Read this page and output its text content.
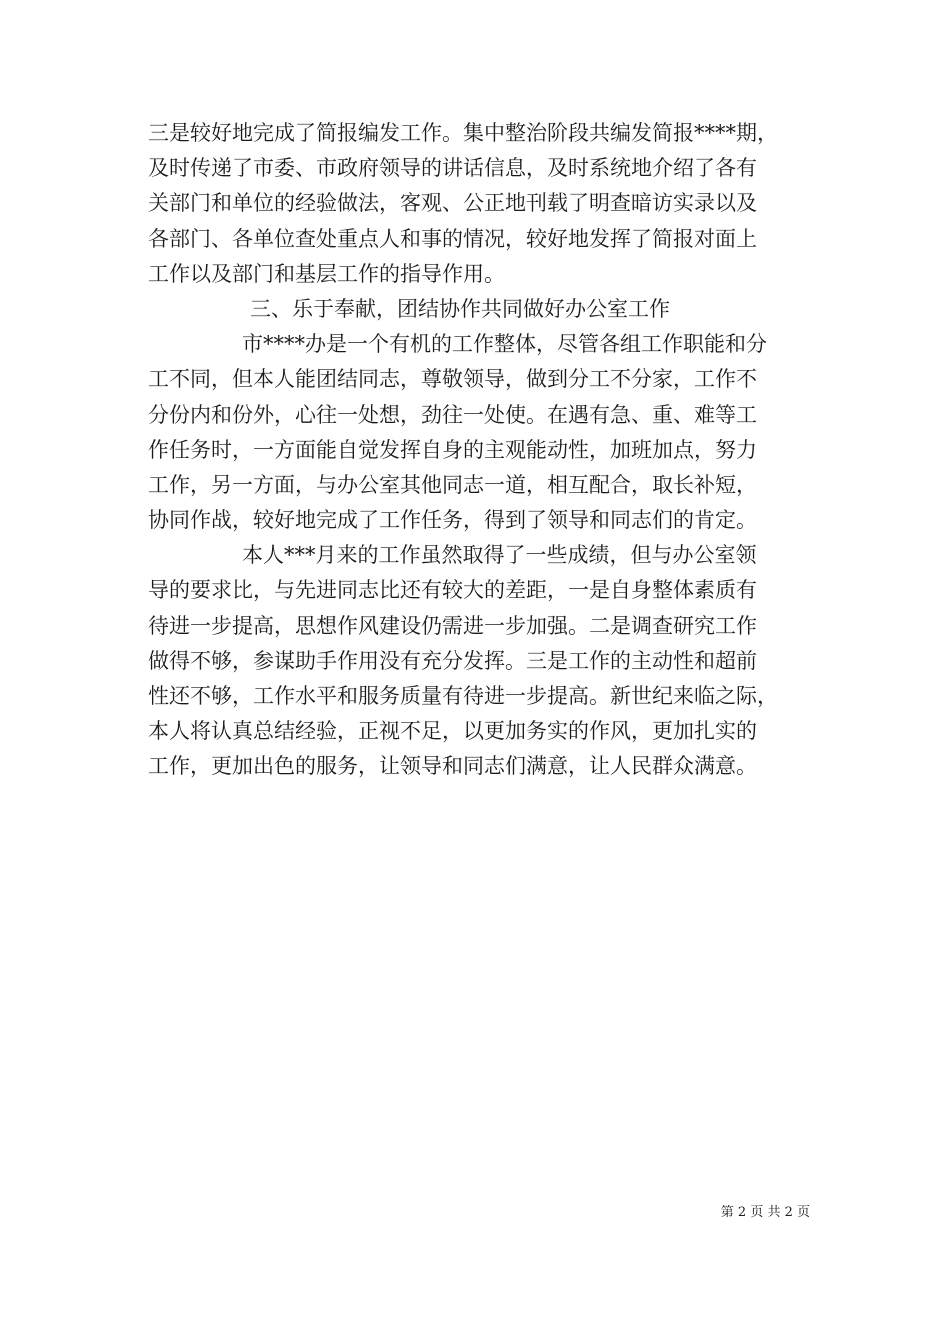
三是较好地完成了简报编发工作。集中整治阶段共编发简报****期，
及时传递了市委、市政府领导的讲话信息，及时系统地介绍了各有
关部门和单位的经验做法，客观、公正地刊载了明查暗访实录以及
各部门、各单位查处重点人和事的情况，较好地发挥了简报对面上
工作以及部门和基层工作的指导作用。
三、乐于奉献，团结协作共同做好办公室工作
市****办是一个有机的工作整体，尽管各组工作职能和分
工不同，但本人能团结同志，尊敬领导，做到分工不分家，工作不
分份内和份外，心往一处想，劲往一处使。在遇有急、重、难等工
作任务时，一方面能自觉发挥自身的主观能动性，加班加点，努力
工作，另一方面，与办公室其他同志一道，相互配合，取长补短，
协同作战，较好地完成了工作任务，得到了领导和同志们的肯定。
本人***月来的工作虽然取得了一些成绩，但与办公室领
导的要求比，与先进同志比还有较大的差距，一是自身整体素质有
待进一步提高，思想作风建设仍需进一步加强。二是调查研究工作
做得不够，参谋助手作用没有充分发挥。三是工作的主动性和超前
性还不够，工作水平和服务质量有待进一步提高。新世纪来临之际，
本人将认真总结经验，正视不足，以更加务实的作风，更加扎实的
工作，更加出色的服务，让领导和同志们满意，让人民群众满意。
第 2 页 共 2 页
